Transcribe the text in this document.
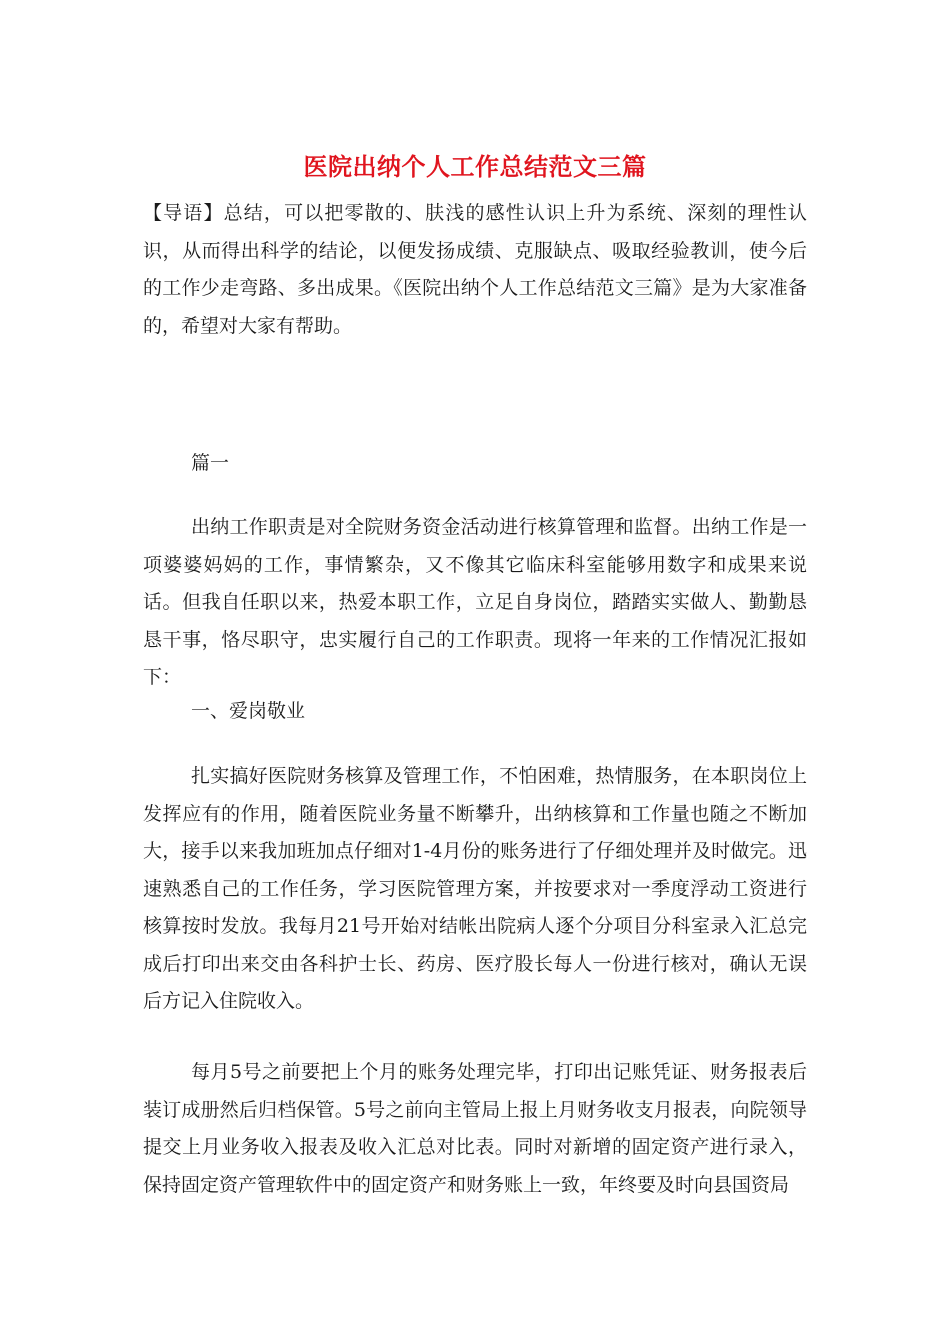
医院出纳个人工作总结范文三篇
【导语】总结，可以把零散的、肤浅的感性认识上升为系统、深刻的理性认识，从而得出科学的结论，以便发扬成绩、克服缺点、吸取经验教训，使今后的工作少走弯路、多出成果。《医院出纳个人工作总结范文三篇》是为大家准备的，希望对大家有帮助。
篇一
出纳工作职责是对全院财务资金活动进行核算管理和监督。出纳工作是一项婆婆妈妈的工作，事情繁杂，又不像其它临床科室能够用数字和成果来说话。但我自任职以来，热爱本职工作，立足自身岗位，踏踏实实做人、勤勤恳恳干事，恪尽职守，忠实履行自己的工作职责。现将一年来的工作情况汇报如下：
一、爱岗敬业
扎实搞好医院财务核算及管理工作，不怕困难，热情服务，在本职岗位上发挥应有的作用，随着医院业务量不断攀升，出纳核算和工作量也随之不断加大，接手以来我加班加点仔细对1-4月份的账务进行了仔细处理并及时做完。迅速熟悉自己的工作任务，学习医院管理方案，并按要求对一季度浮动工资进行核算按时发放。我每月21号开始对结帐出院病人逐个分项目分科室录入汇总完成后打印出来交由各科护士长、药房、医疗股长每人一份进行核对，确认无误后方记入住院收入。
每月5号之前要把上个月的账务处理完毕，打印出记账凭证、财务报表后装订成册然后归档保管。5号之前向主管局上报上月财务收支月报表，向院领导提交上月业务收入报表及收入汇总对比表。同时对新增的固定资产进行录入，保持固定资产管理软件中的固定资产和财务账上一致，年终要及时向县国资局
